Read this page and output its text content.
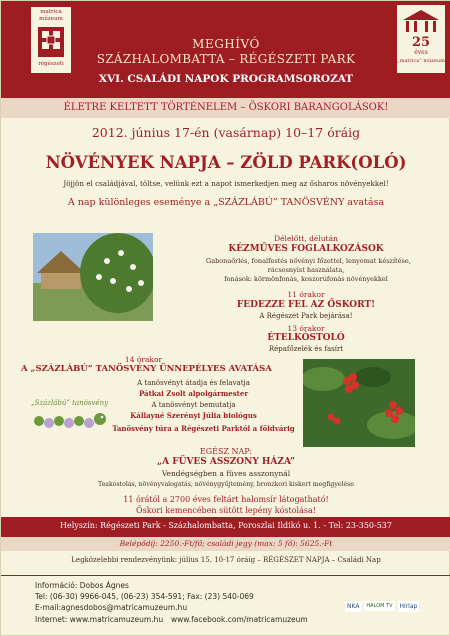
matrica
múzeum
régészeti
25
éves
„matrica” múzeum
MEGHÍVÓ
SZÁZHALOMBATTA – RÉGÉSZETI PARK
XVI. CSALÁDI NAPOK PROGRAMSOROZAT
ÉLETRE KELTETT TÖRTÉNELEM – ÖSKORI BARANGOLÁSOK!
2012. június 17-én (vasárnap) 10–17 óráig
NÖVÉNYEK NAPJA – ZÖLD PARK(OLÓ)
Jöjjön el családjával, töltse, velünk ezt a napot ismerkedjen meg az ősharos növényekkel!
A nap különleges eseménye a „SZÁZLÁBÚ” TANÖSVÉNY avatása
Délelőtt, délután
KÉZMŰVES FOGLALKOZÁSOK
Gabonaőrlés, fonalfestés növényi főzettel, lenyomat készítése,
rácsosnyíst használata,
fonások: körmönfonás, koszorúfonás növényekkel
11 órakor
FEDEZZE FEL AZ ŐSKORT!
A Régészet Park bejárása!
13 órakor
ÉTELKÓSTOLÓ
Répafőzelék és fasírt
14 órakor
A „SZÁZLÁBÚ” TANÖSVÉNY ÜNNEPÉLYES AVATÁSA
A tanösvényt átadja és felavatja
Pátkai Zsolt alpolgármester
A tanösvényt bemutatja
Kállayné Szerényi Júlia biológus
Tanösvény túra a Régészeti Parktól a földvárig
„Százlábú” tanösvény
EGÉSZ NAP:
„A FÜVES ASSZONY HÁZA”
Vendégségben a füves asszonynál
Teakóstolás, növényvalogatás, növénygyűjtemény, bronzkori kiskert megfigyelése
11 órától a 2700 éves feltárt halomsír látogatható!
Őskori kemencében sütött lepény kóstolása!
Helyszín: Régészeti Park - Százhalombatta, Poroszlai Ildikó u. 1. - Tel: 23-350-537
Belépődíj: 2250.-Ft/fő; családi jegy (max: 5 fő): 5625.-Ft
Legközelebbi rendezvényünk: július 15. 10-17 óráig – RÉGÉSZET NAPJA – Családi Nap
Információ: Dobos Ágnes
Tel: (06-30) 9966-045, (06-23) 354-591; Fax: (23) 540-069
E-mail:agnesdobos@matricamuzeum.hu
Internet: www.matricamuzeum.hu www.facebook.com/matricamuzeum
NKA	HALOM TV	Hírlap
